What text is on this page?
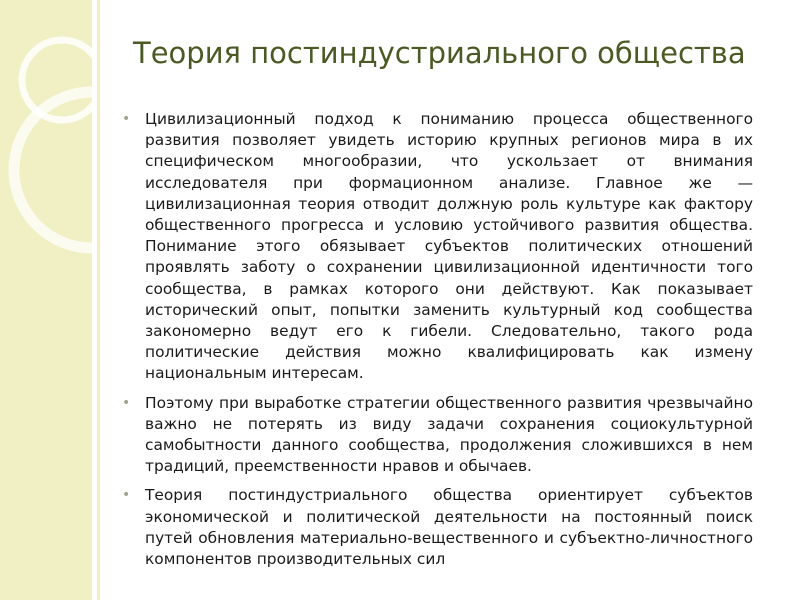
Теория постиндустриального общества

• Цивилизационный подход к пониманию процесса общественного развития позволяет увидеть историю крупных регионов мира в их специфическом многообразии, что ускользает от внимания исследователя при формационном анализе. Главное же — цивилизационная теория отводит должную роль культуре как фактору общественного прогресса и условию устойчивого развития общества. Понимание этого обязывает субъектов политических отношений проявлять заботу о сохранении цивилизационной идентичности того сообщества, в рамках которого они действуют. Как показывает исторический опыт, попытки заменить культурный код сообщества закономерно ведут его к гибели. Следовательно, такого рода политические действия можно квалифицировать как измену национальным интересам.

• Поэтому при выработке стратегии общественного развития чрезвычайно важно не потерять из виду задачи сохранения социокультурной самобытности данного сообщества, продолжения сложившихся в нем традиций, преемственности нравов и обычаев.

• Теория постиндустриального общества ориентирует субъектов экономической и политической деятельности на постоянный поиск путей обновления материально-вещественного и субъектно-личностного компонентов производительных сил
